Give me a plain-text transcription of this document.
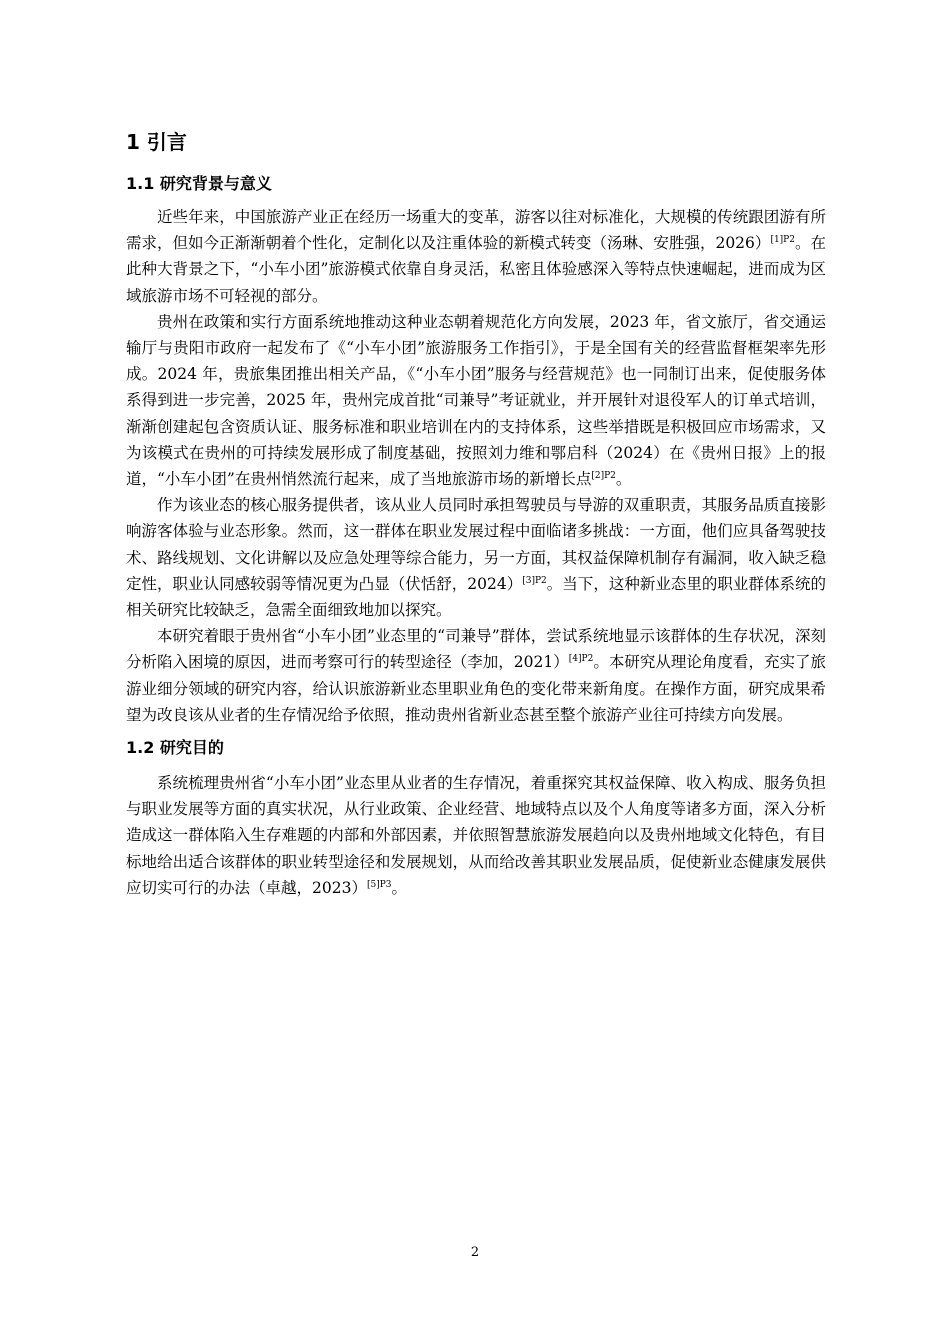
1 引言
1.1 研究背景与意义

近些年来，中国旅游产业正在经历一场重大的变革，游客以往对标准化，大规模的传统跟团游有所需求，但如今正渐渐朝着个性化，定制化以及注重体验的新模式转变（汤琳、安胜强，2026）$^{[1]P2}$。在此种大背景之下，“小车小团”旅游模式依靠自身灵活，私密且体验感深入等特点快速崛起，进而成为区域旅游市场不可轻视的部分。

贵州在政策和实行方面系统地推动这种业态朝着规范化方向发展，2023 年，省文旅厅，省交通运输厅与贵阳市政府一起发布了《“小车小团”旅游服务工作指引》，于是全国有关的经营监督框架率先形成。2024 年，贵旅集团推出相关产品，《“小车小团”服务与经营规范》也一同制订出来，促使服务体系得到进一步完善，2025 年，贵州完成首批“司兼导”考证就业，并开展针对退役军人的订单式培训，渐渐创建起包含资质认证、服务标准和职业培训在内的支持体系，这些举措既是积极回应市场需求，又为该模式在贵州的可持续发展形成了制度基础，按照刘力维和鄂启科（2024）在《贵州日报》上的报道，“小车小团”在贵州悄然流行起来，成了当地旅游市场的新增长点$^{[2]P2}$。

作为该业态的核心服务提供者，该从业人员同时承担驾驶员与导游的双重职责，其服务品质直接影响游客体验与业态形象。然而，这一群体在职业发展过程中面临诸多挑战：一方面，他们应具备驾驶技术、路线规划、文化讲解以及应急处理等综合能力，另一方面，其权益保障机制存有漏洞，收入缺乏稳定性，职业认同感较弱等情况更为凸显（伏恬舒，2024）$^{[3]P2}$。当下，这种新业态里的职业群体系统的相关研究比较缺乏，急需全面细致地加以探究。

本研究着眼于贵州省“小车小团”业态里的“司兼导”群体，尝试系统地显示该群体的生存状况，深刻分析陷入困境的原因，进而考察可行的转型途径（李加，2021）$^{[4]P2}$。本研究从理论角度看，充实了旅游业细分领域的研究内容，给认识旅游新业态里职业角色的变化带来新角度。在操作方面，研究成果希望为改良该从业者的生存情况给予依照，推动贵州省新业态甚至整个旅游产业往可持续方向发展。

1.2 研究目的

系统梳理贵州省“小车小团”业态里从业者的生存情况，着重探究其权益保障、收入构成、服务负担与职业发展等方面的真实状况，从行业政策、企业经营、地域特点以及个人角度等诸多方面，深入分析造成这一群体陷入生存难题的内部和外部因素，并依照智慧旅游发展趋向以及贵州地域文化特色，有目标地给出适合该群体的职业转型途径和发展规划，从而给改善其职业发展品质，促使新业态健康发展供应切实可行的办法（卓越，2023）$^{[5]P3}$。

2
